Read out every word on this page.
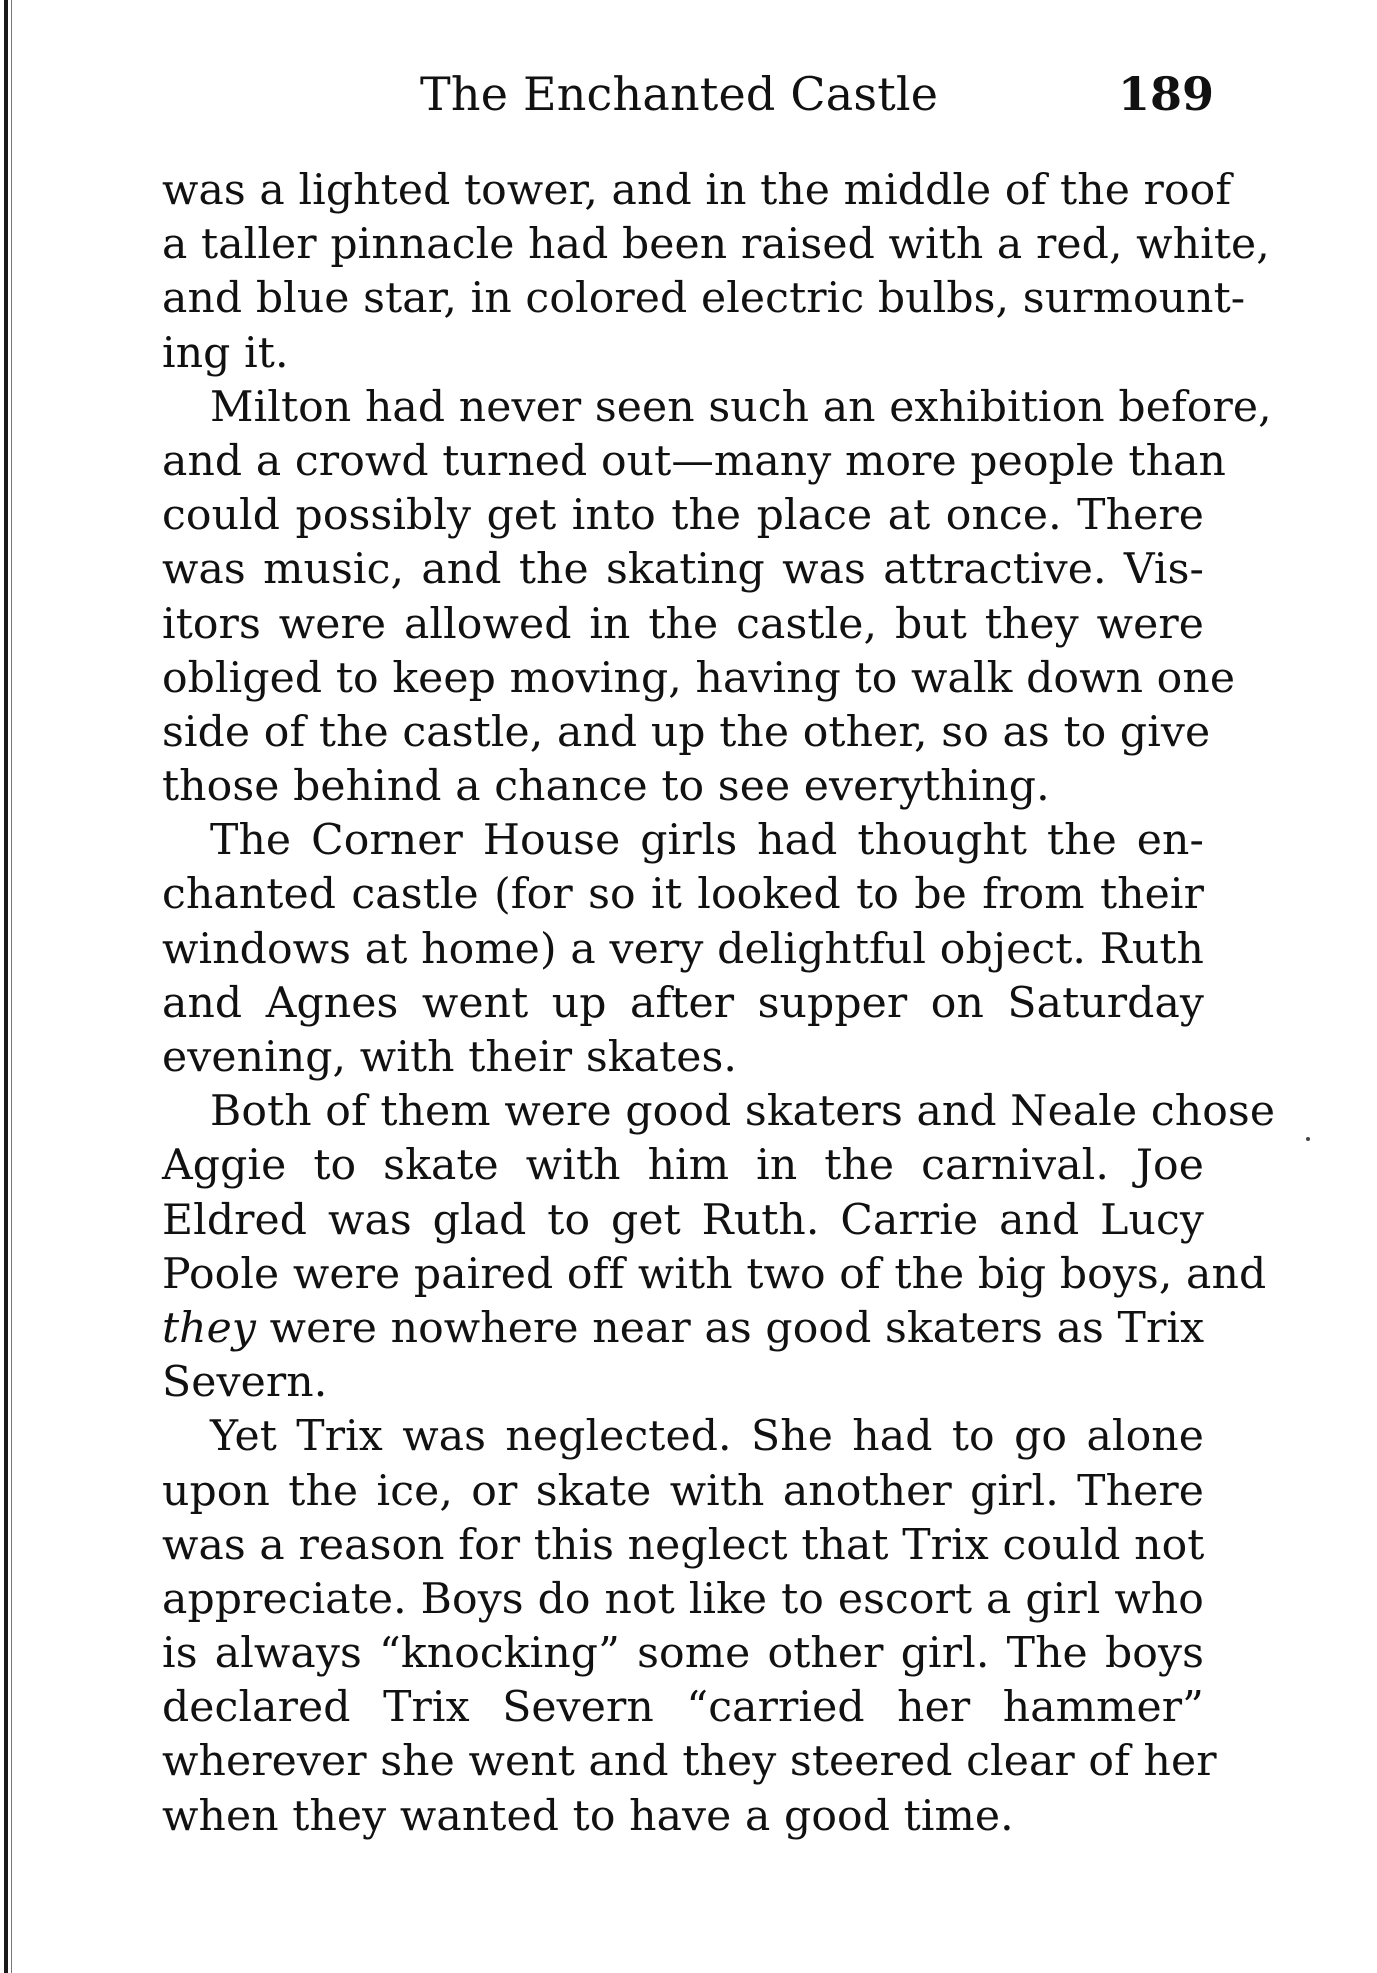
The Enchanted Castle	189
was a lighted tower, and in the middle of the roof
a taller pinnacle had been raised with a red, white,
and blue star, in colored electric bulbs, surmount-
ing it.
Milton had never seen such an exhibition before,
and a crowd turned out—many more people than
could possibly get into the place at once. There
was music, and the skating was attractive. Vis-
itors were allowed in the castle, but they were
obliged to keep moving, having to walk down one
side of the castle, and up the other, so as to give
those behind a chance to see everything.
The Corner House girls had thought the en-
chanted castle (for so it looked to be from their
windows at home) a very delightful object. Ruth
and Agnes went up after supper on Saturday
evening, with their skates.
Both of them were good skaters and Neale chose
Aggie to skate with him in the carnival. Joe
Eldred was glad to get Ruth. Carrie and Lucy
Poole were paired off with two of the big boys, and
they were nowhere near as good skaters as Trix
Severn.
Yet Trix was neglected. She had to go alone
upon the ice, or skate with another girl. There
was a reason for this neglect that Trix could not
appreciate. Boys do not like to escort a girl who
is always “knocking” some other girl. The boys
declared Trix Severn “carried her hammer”
wherever she went and they steered clear of her
when they wanted to have a good time.
